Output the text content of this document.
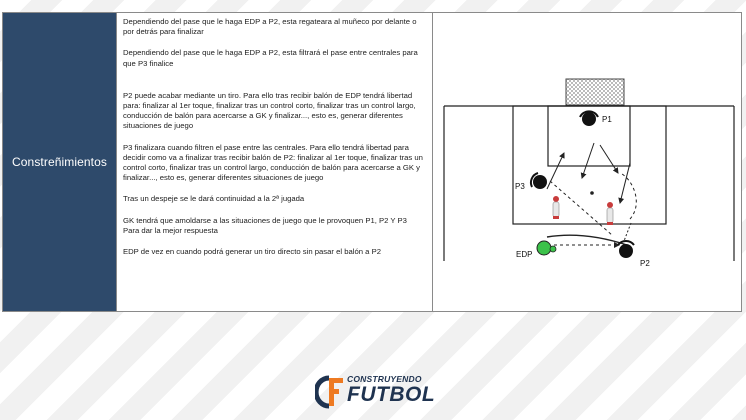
Constreñimientos

Dependiendo del pase que le haga EDP a P2, esta regateara al muñeco por delante o por detrás para finalizar

Dependiendo del pase que le haga EDP a P2, esta filtrará el pase entre centrales para que P3 finalice

P2 puede acabar mediante un tiro. Para ello tras recibir balón de EDP tendrá libertad para: finalizar al 1er toque, finalizar tras un control corto, finalizar tras un control largo, conducción de balón para acercarse a GK y finalizar..., esto es, generar diferentes situaciones de juego

P3 finalizara cuando filtren el pase entre las centrales. Para ello tendrá libertad para decidir como va a finalizar tras recibir balón de P2: finalizar al 1er toque, finalizar tras un control corto, finalizar tras un control largo, conducción de balón para acercarse a GK y finalizar..., esto es, generar diferentes situaciones de juego

Tras un despeje se le dará continuidad a la 2ª jugada

GK tendrá que amoldarse a las situaciones de juego que le provoquen P1, P2 Y P3

Para dar la mejor respuesta

EDP de vez en cuando podrá generar un tiro directo sin pasar el balón a P2

P1
P3
P2
EDP
CONSTRUYENDO
FUTBOL
